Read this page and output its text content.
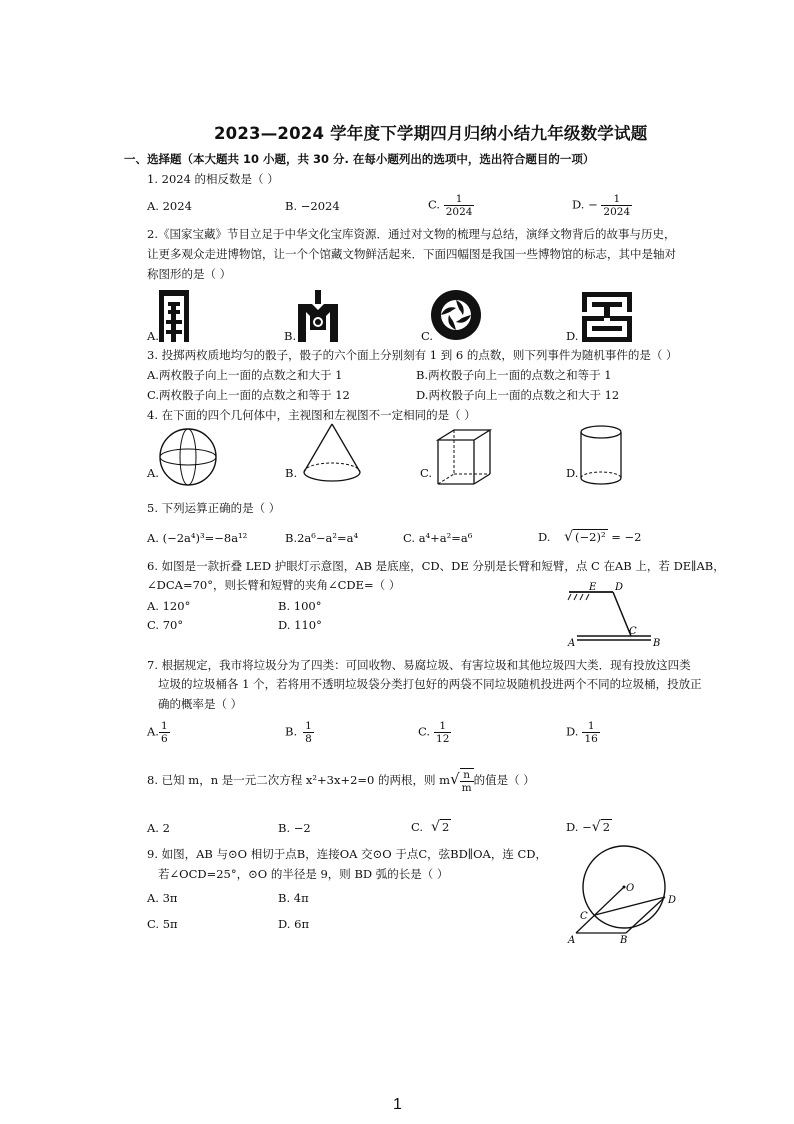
2023—2024 学年度下学期四月归纳小结九年级数学试题
一、选择题（本大题共 10 小题，共 30 分. 在每小题列出的选项中，选出符合题目的一项）
1. 2024 的相反数是（ ）
A. 2024	B. −2024	C. $\frac{1}{2024}$	D. − $\frac{1}{2024}$
2.《国家宝藏》节目立足于中华文化宝库资源．通过对文物的梳理与总结，演绎文物背后的故事与历史，
让更多观众走进博物馆，让一个个馆藏文物鲜活起来．下面四幅图是我国一些博物馆的标志，其中是轴对
称图形的是（ ）
A.	B.	C.	D.
3. 投掷两枚质地均匀的骰子，骰子的六个面上分别刻有 1 到 6 的点数，则下列事件为随机事件的是（ ）
A.两枚骰子向上一面的点数之和大于 1	B.两枚骰子向上一面的点数之和等于 1
C.两枚骰子向上一面的点数之和等于 12	D.两枚骰子向上一面的点数之和大于 12
4. 在下面的四个几何体中，主视图和左视图不一定相同的是（ ）
A.	B.	C.	D.
5. 下列运算正确的是（ ）
A. (−2a⁴)³=−8a¹²	B.2a⁶−a²=a⁴	C. a⁴+a²=a⁶	D. √ (−2)² = −2
6. 如图是一款折叠 LED 护眼灯示意图，AB 是底座，CD、DE 分别是长臂和短臂，点 C 在AB 上，若 DE∥AB，
∠DCA=70°，则长臂和短臂的夹角∠CDE=（ ）
A. 120°	B. 100°
C. 70°	D. 110°
E D
C
A	B
7. 根据规定，我市将垃圾分为了四类：可回收物、易腐垃圾、有害垃圾和其他垃圾四大类．现有投放这四类
垃圾的垃圾桶各 1 个，若将用不透明垃圾袋分类打包好的两袋不同垃圾随机投进两个不同的垃圾桶，投放正
确的概率是（ ）
A. $\frac{1}{6}$	B. $\frac{1}{8}$	C. $\frac{1}{12}$	D. $\frac{1}{16}$
8. 已知 m，n 是一元二次方程 x²+3x+2=0 的两根，则 $m√ \frac{n}{m}$ 的值是（ ）
A. 2	B. −2	C. √ 2	D. −√ 2
9. 如图，AB 与⊙O 相切于点B，连接OA 交⊙O 于点C，弦BD∥OA，连 CD，
若∠OCD=25°，⊙O 的半径是 9，则 BD 弧的长是（ ）
A. 3π	B. 4π
C. 5π	D. 6π
O
D
C
A	B
1
